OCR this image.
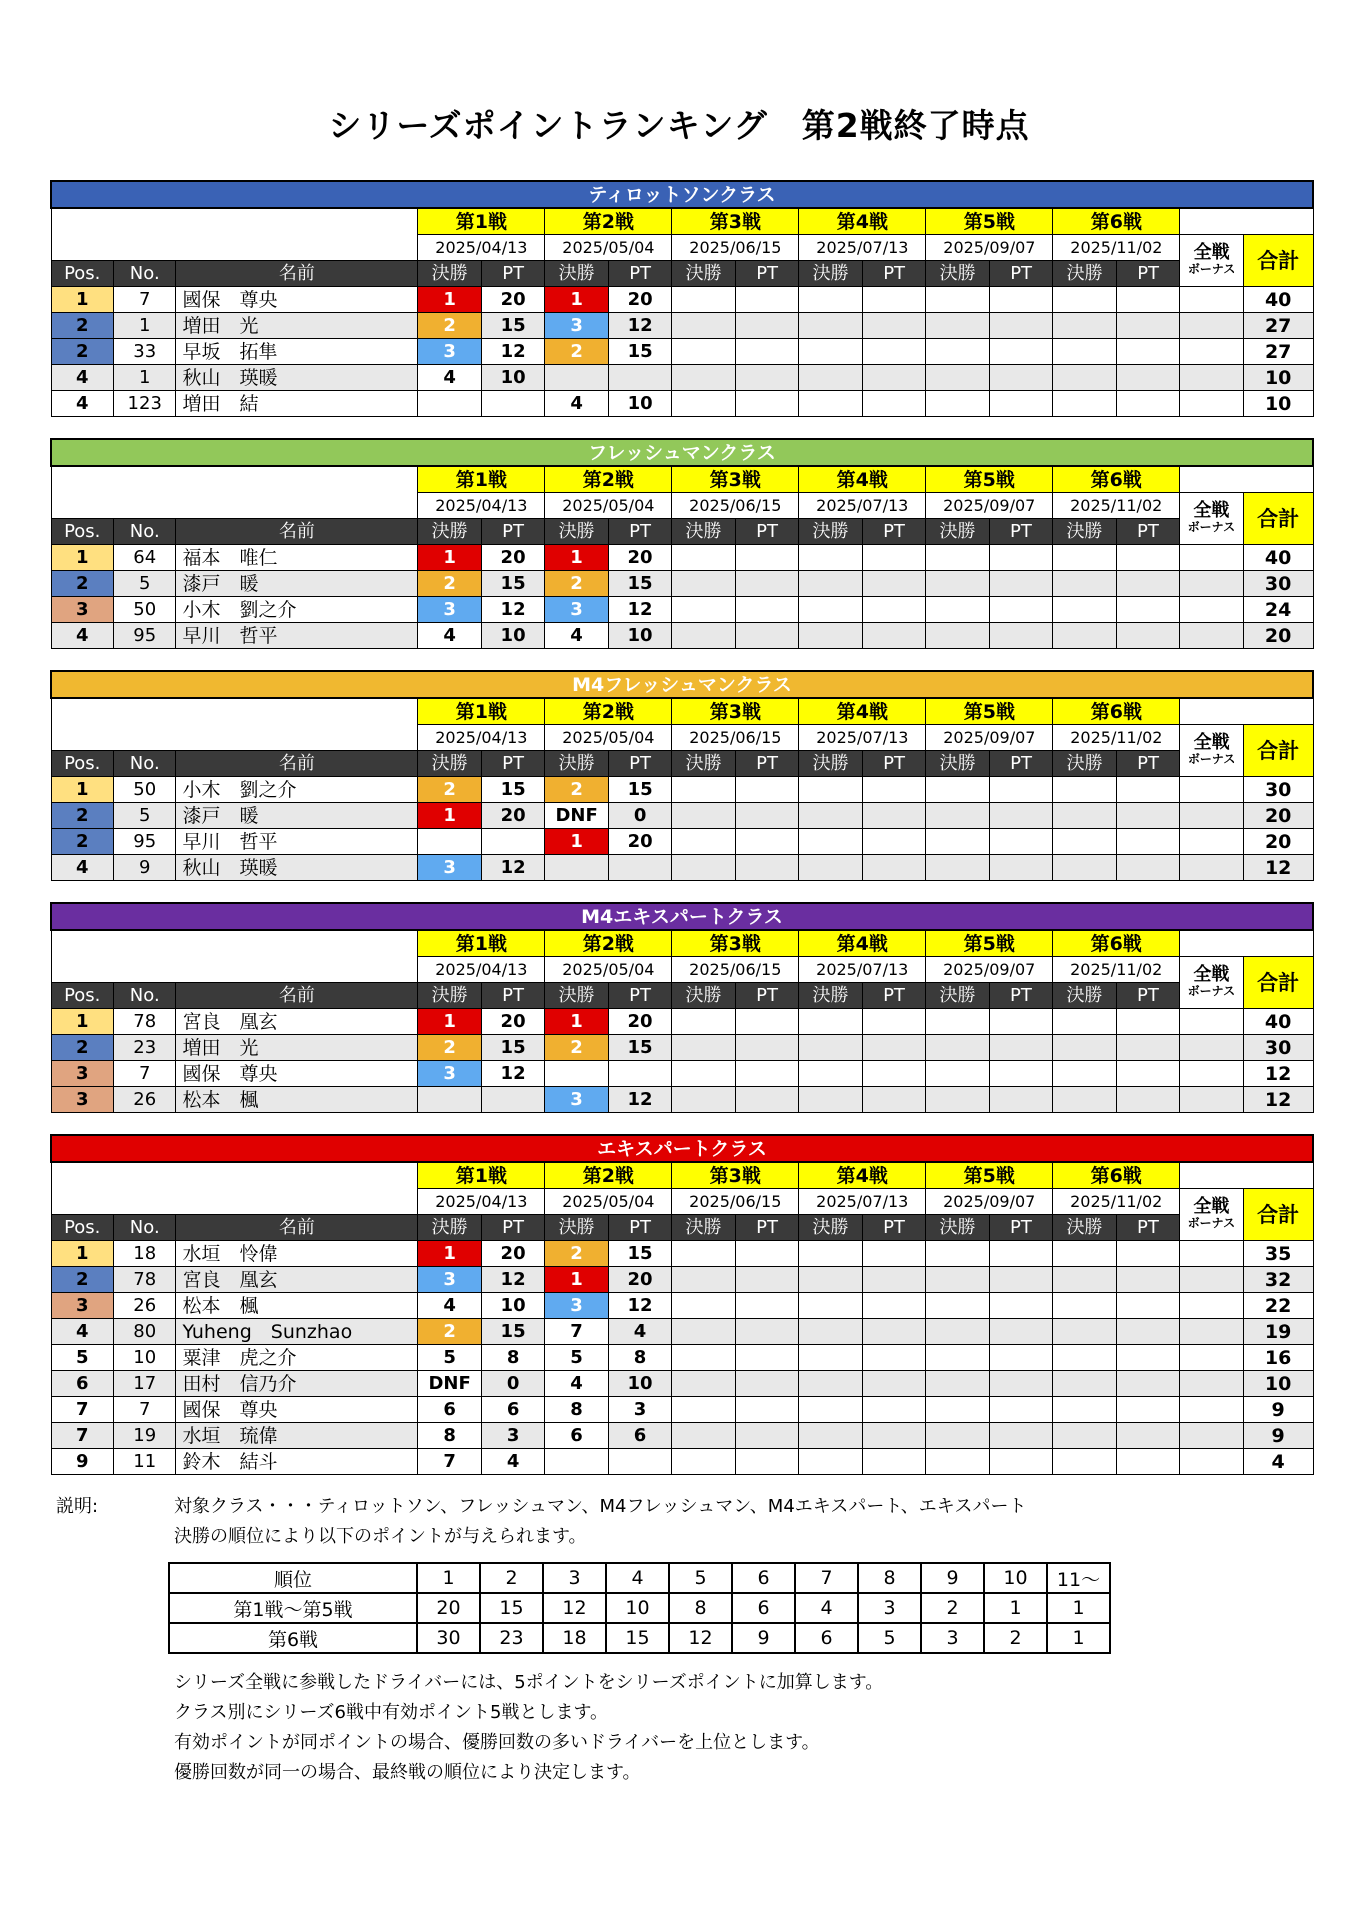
シリーズポイントランキング　第2戦終了時点
ティロットソンクラス																
			第1戦		第2戦		第3戦		第4戦		第5戦		第6戦			
			2025/04/13		2025/05/04		2025/06/15		2025/07/13		2025/09/07		2025/11/02		全戦
ボーナス	合計
Pos.	No.	名前	決勝	PT	決勝	PT	決勝	PT	決勝	PT	決勝	PT	決勝	PT		
1	7	國保　尊央	1	20	1	20										40
2	1	増田　光	2	15	3	12										27
2	33	早坂　拓隼	3	12	2	15										27
4	1	秋山　瑛暖	4	10												10
4	123	増田　結			4	10										10
フレッシュマンクラス																
			第1戦		第2戦		第3戦		第4戦		第5戦		第6戦			
			2025/04/13		2025/05/04		2025/06/15		2025/07/13		2025/09/07		2025/11/02		全戦
ボーナス	合計
Pos.	No.	名前	決勝	PT	決勝	PT	決勝	PT	決勝	PT	決勝	PT	決勝	PT		
1	64	福本　唯仁	1	20	1	20										40
2	5	漆戸　暖	2	15	2	15										30
3	50	小木　劉之介	3	12	3	12										24
4	95	早川　哲平	4	10	4	10										20
M4フレッシュマンクラス																
			第1戦		第2戦		第3戦		第4戦		第5戦		第6戦			
			2025/04/13		2025/05/04		2025/06/15		2025/07/13		2025/09/07		2025/11/02		全戦
ボーナス	合計
Pos.	No.	名前	決勝	PT	決勝	PT	決勝	PT	決勝	PT	決勝	PT	決勝	PT		
1	50	小木　劉之介	2	15	2	15										30
2	5	漆戸　暖	1	20	DNF	0										20
2	95	早川　哲平			1	20										20
4	9	秋山　瑛暖	3	12												12
M4エキスパートクラス																
			第1戦		第2戦		第3戦		第4戦		第5戦		第6戦			
			2025/04/13		2025/05/04		2025/06/15		2025/07/13		2025/09/07		2025/11/02		全戦
ボーナス	合計
Pos.	No.	名前	決勝	PT	決勝	PT	決勝	PT	決勝	PT	決勝	PT	決勝	PT		
1	78	宮良　凰玄	1	20	1	20										40
2	23	増田　光	2	15	2	15										30
3	7	國保　尊央	3	12												12
3	26	松本　楓			3	12										12
エキスパートクラス																
			第1戦		第2戦		第3戦		第4戦		第5戦		第6戦			
			2025/04/13		2025/05/04		2025/06/15		2025/07/13		2025/09/07		2025/11/02		全戦
ボーナス	合計
Pos.	No.	名前	決勝	PT	決勝	PT	決勝	PT	決勝	PT	決勝	PT	決勝	PT		
1	18	水垣　怜偉	1	20	2	15										35
2	78	宮良　凰玄	3	12	1	20										32
3	26	松本　楓	4	10	3	12										22
4	80	Yuheng　Sunzhao	2	15	7	4										19
5	10	粟津　虎之介	5	8	5	8										16
6	17	田村　信乃介	DNF	0	4	10										10
7	7	國保　尊央	6	6	8	3										9
7	19	水垣　琉偉	8	3	6	6										9
9	11	鈴木　結斗	7	4												4
説明:	対象クラス・・・ティロットソン、フレッシュマン、M4フレッシュマン、M4エキスパート、エキスパート
決勝の順位により以下のポイントが与えられます。
順位	1	2	3	4	5	6	7	8	9	10	11～
第1戦～第5戦	20	15	12	10	8	6	4	3	2	1	1
第6戦	30	23	18	15	12	9	6	5	3	2	1
シリーズ全戦に参戦したドライバーには、5ポイントをシリーズポイントに加算します。
クラス別にシリーズ6戦中有効ポイント5戦とします。
有効ポイントが同ポイントの場合、優勝回数の多いドライバーを上位とします。
優勝回数が同一の場合、最終戦の順位により決定します。
